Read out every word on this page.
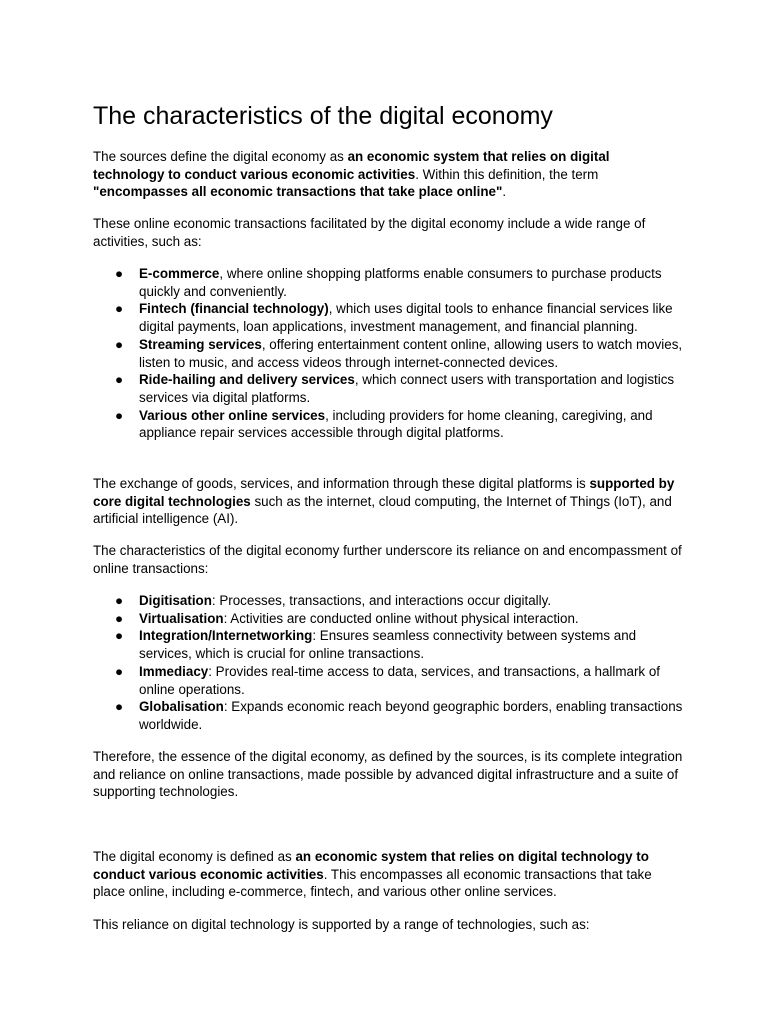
The characteristics of the digital economy

The sources define the digital economy as an economic system that relies on digital technology to conduct various economic activities. Within this definition, the term "encompasses all economic transactions that take place online".

These online economic transactions facilitated by the digital economy include a wide range of activities, such as:

● E-commerce, where online shopping platforms enable consumers to purchase products quickly and conveniently.
● Fintech (financial technology), which uses digital tools to enhance financial services like digital payments, loan applications, investment management, and financial planning.
● Streaming services, offering entertainment content online, allowing users to watch movies, listen to music, and access videos through internet-connected devices.
● Ride-hailing and delivery services, which connect users with transportation and logistics services via digital platforms.
● Various other online services, including providers for home cleaning, caregiving, and appliance repair services accessible through digital platforms.

The exchange of goods, services, and information through these digital platforms is supported by core digital technologies such as the internet, cloud computing, the Internet of Things (IoT), and artificial intelligence (AI).

The characteristics of the digital economy further underscore its reliance on and encompassment of online transactions:

● Digitisation: Processes, transactions, and interactions occur digitally.
● Virtualisation: Activities are conducted online without physical interaction.
● Integration/Internetworking: Ensures seamless connectivity between systems and services, which is crucial for online transactions.
● Immediacy: Provides real-time access to data, services, and transactions, a hallmark of online operations.
● Globalisation: Expands economic reach beyond geographic borders, enabling transactions worldwide.

Therefore, the essence of the digital economy, as defined by the sources, is its complete integration and reliance on online transactions, made possible by advanced digital infrastructure and a suite of supporting technologies.

The digital economy is defined as an economic system that relies on digital technology to conduct various economic activities. This encompasses all economic transactions that take place online, including e-commerce, fintech, and various other online services.

This reliance on digital technology is supported by a range of technologies, such as:
